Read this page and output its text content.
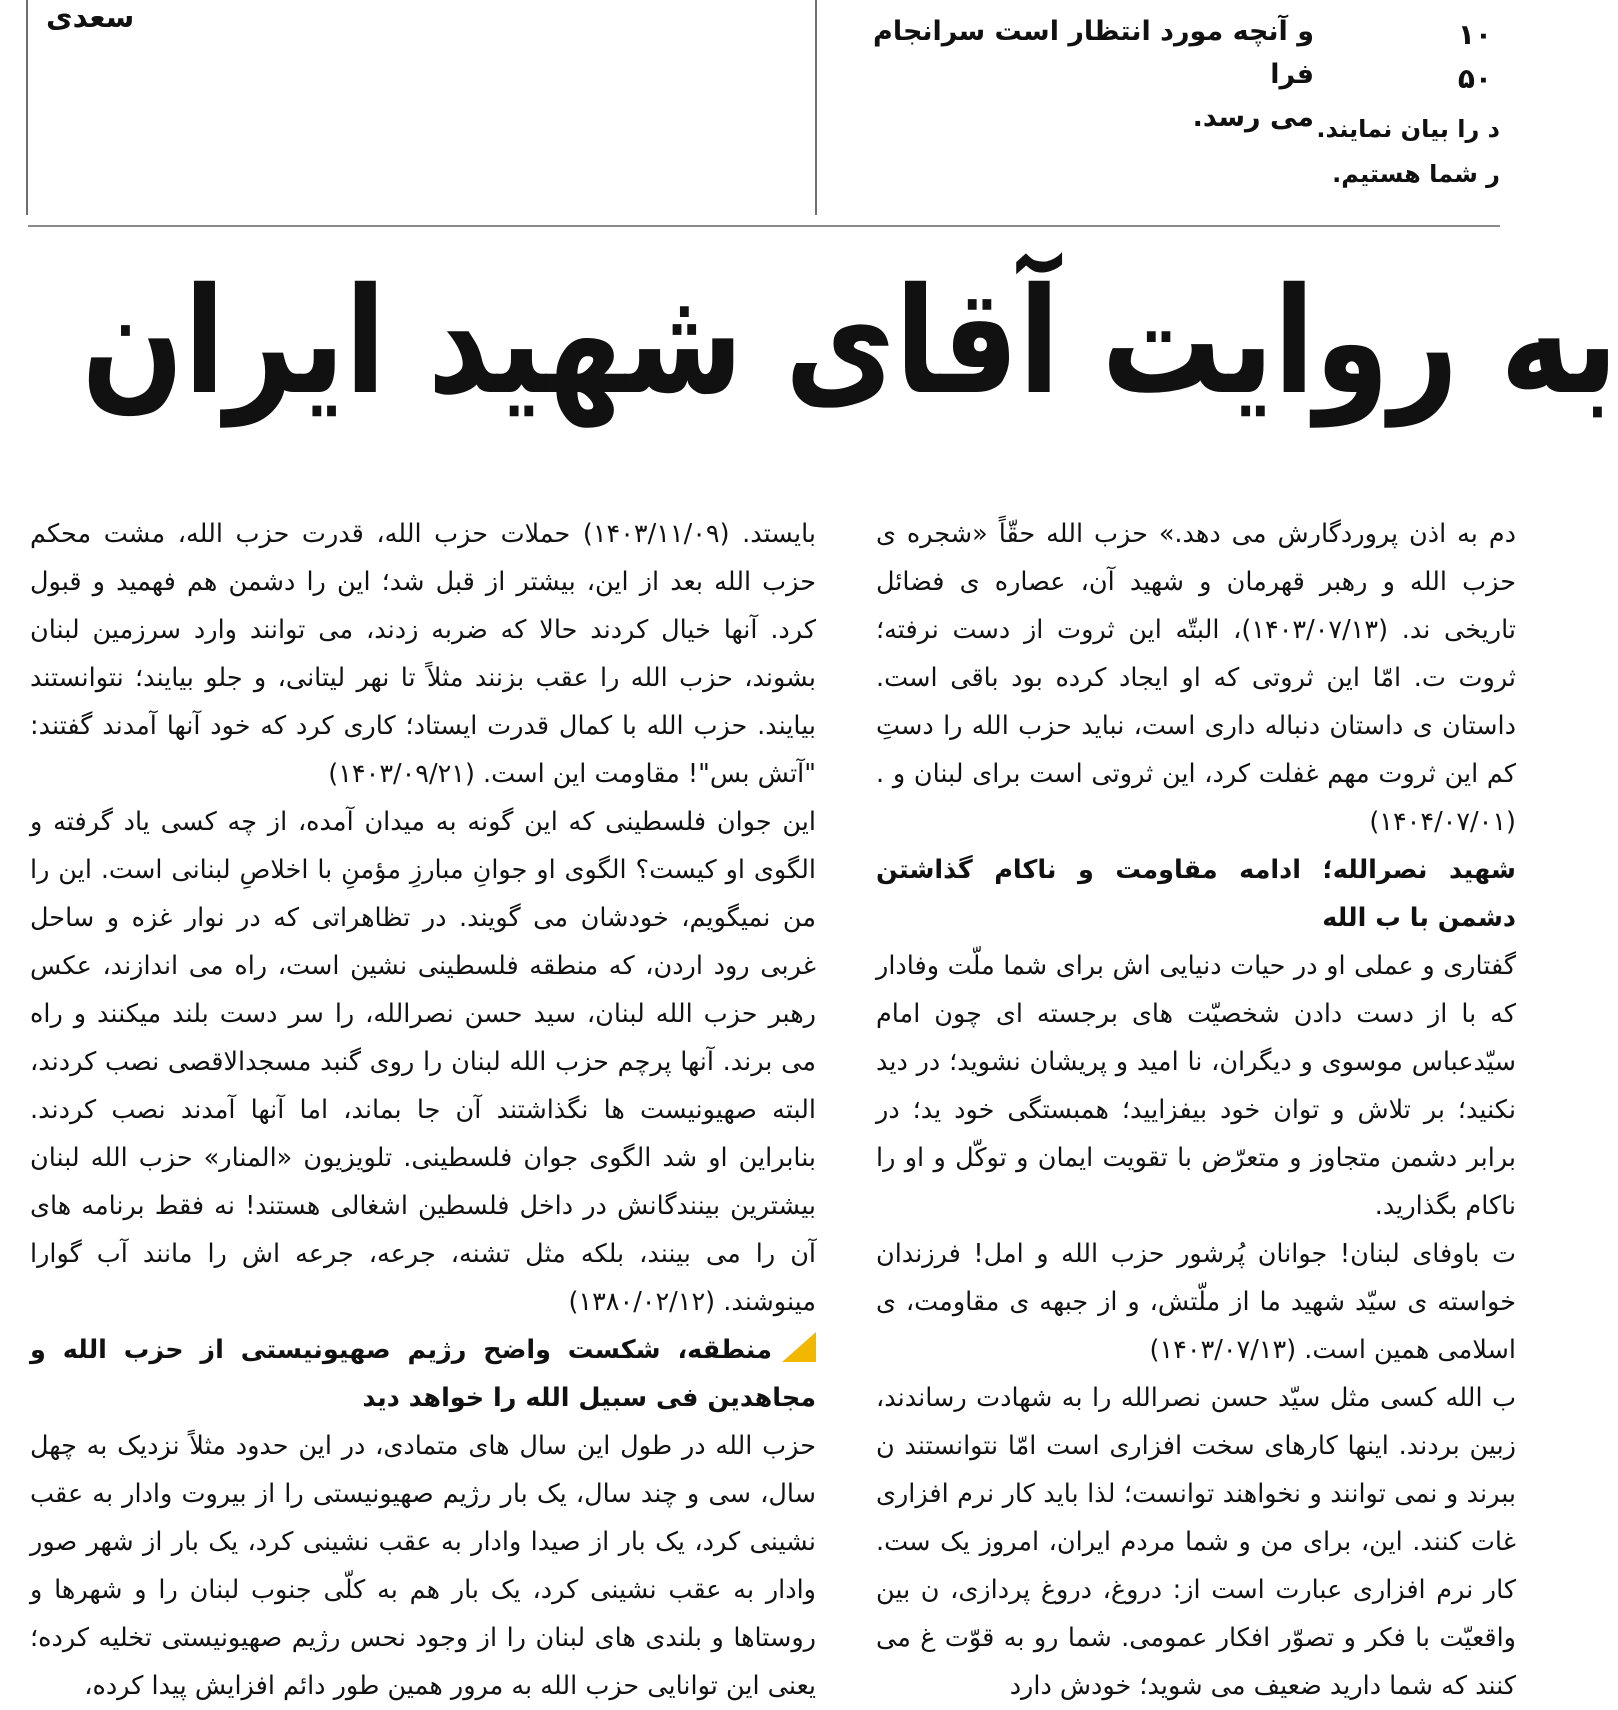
سعدی	و آنچه مورد انتظار است سرانجام فرا
می رسد.
۱۰
۵۰
د را بیان نمایند.
ر شما هستیم.
به روایت آقای شهید ایران

بایستد. (۱۴۰۳/۱۱/۰۹) حملات حزب الله، قدرت حزب الله، مشت محکم حزب الله بعد از این، بیشتر از قبل شد؛ این را دشمن هم فهمید و قبول کرد. آنها خیال کردند حالا که ضربه زدند، می توانند وارد سرزمین لبنان بشوند، حزب الله را عقب بزنند مثلاً تا نهر لیتانی، و جلو بیایند؛ نتوانستند بیایند. حزب الله با کمال قدرت ایستاد؛ کاری کرد که خود آنها آمدند گفتند: "آتش بس"! مقاومت این است. (۱۴۰۳/۰۹/۲۱)

این جوان فلسطینی که این گونه به میدان آمده، از چه کسی یاد گرفته و الگوی او کیست؟ الگوی او جوانِ مبارزِ مؤمنِ با اخلاصِ لبنانی است. این را من نمیگویم، خودشان می گویند. در تظاهراتی که در نوار غزه و ساحل غربی رود اردن، که منطقه فلسطینی نشین است، راه می اندازند، عکس رهبر حزب الله لبنان، سید حسن نصرالله، را سر دست بلند میکنند و راه می برند. آنها پرچم حزب الله لبنان را روی گنبد مسجدالاقصی نصب کردند، البته صهیونیست ها نگذاشتند آن جا بماند، اما آنها آمدند نصب کردند. بنابراین او شد الگوی جوان فلسطینی. تلویزیون «المنار» حزب الله لبنان بیشترین بینندگانش در داخل فلسطین اشغالی هستند! نه فقط برنامه های آن را می بینند، بلکه مثل تشنه، جرعه، جرعه اش را مانند آب گوارا مینوشند. (۱۳۸۰/۰۲/۱۲)

منطقه، شکست واضح رژیم صهیونیستی از حزب الله و مجاهدین فی سبیل الله را خواهد دید

حزب الله در طول این سال های متمادی، در این حدود مثلاً نزدیک به چهل سال، سی و چند سال، یک بار رژیم صهیونیستی را از بیروت وادار به عقب نشینی کرد، یک بار از صیدا وادار به عقب نشینی کرد، یک بار از شهر صور وادار به عقب نشینی کرد، یک بار هم به کلّی جنوب لبنان را و شهرها و روستاها و بلندی های لبنان را از وجود نحس رژیم صهیونیستی تخلیه کرده؛ یعنی این توانایی حزب الله به مرور همین طور دائم افزایش پیدا کرده،

دم به اذن پروردگارش می دهد.» حزب الله حقّاً «شجره ی حزب الله و رهبر قهرمان و شهید آن، عصاره ی فضائل تاریخی ند. (۱۴۰۳/۰۷/۱۳)، البتّه این ثروت از دست نرفته؛ ثروت ت. امّا این ثروتی که او ایجاد کرده بود باقی است. داستان ی داستان دنباله داری است، نباید حزب الله را دستِ کم این ثروت مهم غفلت کرد، این ثروتی است برای لبنان و . (۱۴۰۴/۰۷/۰۱)

شهید نصرالله؛ ادامه مقاومت و ناکام گذاشتن دشمن با ب الله

گفتاری و عملی او در حیات دنیایی اش برای شما ملّت وفادار که با از دست دادن شخصیّت های برجسته ای چون امام سیّدعباس موسوی و دیگران، نا امید و پریشان نشوید؛ در دید نکنید؛ بر تلاش و توان خود بیفزایید؛ همبستگی خود ید؛ در برابر دشمن متجاوز و متعرّض با تقویت ایمان و توکّل و او را ناکام بگذارید.

ت باوفای لبنان! جوانان پُرشور حزب الله و امل! فرزندان خواسته ی سیّد شهید ما از ملّتش، و از جبهه ی مقاومت، ی اسلامی همین است. (۱۴۰۳/۰۷/۱۳)

ب الله کسی مثل سیّد حسن نصرالله را به شهادت رساندند، زبین بردند. اینها کارهای سخت افزاری است امّا نتوانستند ن ببرند و نمی توانند و نخواهند توانست؛ لذا باید کار نرم افزاری غات کنند. این، برای من و شما مردم ایران، امروز یک ست. کار نرم افزاری عبارت است از: دروغ، دروغ پردازی، ن بین واقعیّت با فکر و تصوّر افکار عمومی. شما رو به قوّت غ می کنند که شما دارید ضعیف می شوید؛ خودش دارد
